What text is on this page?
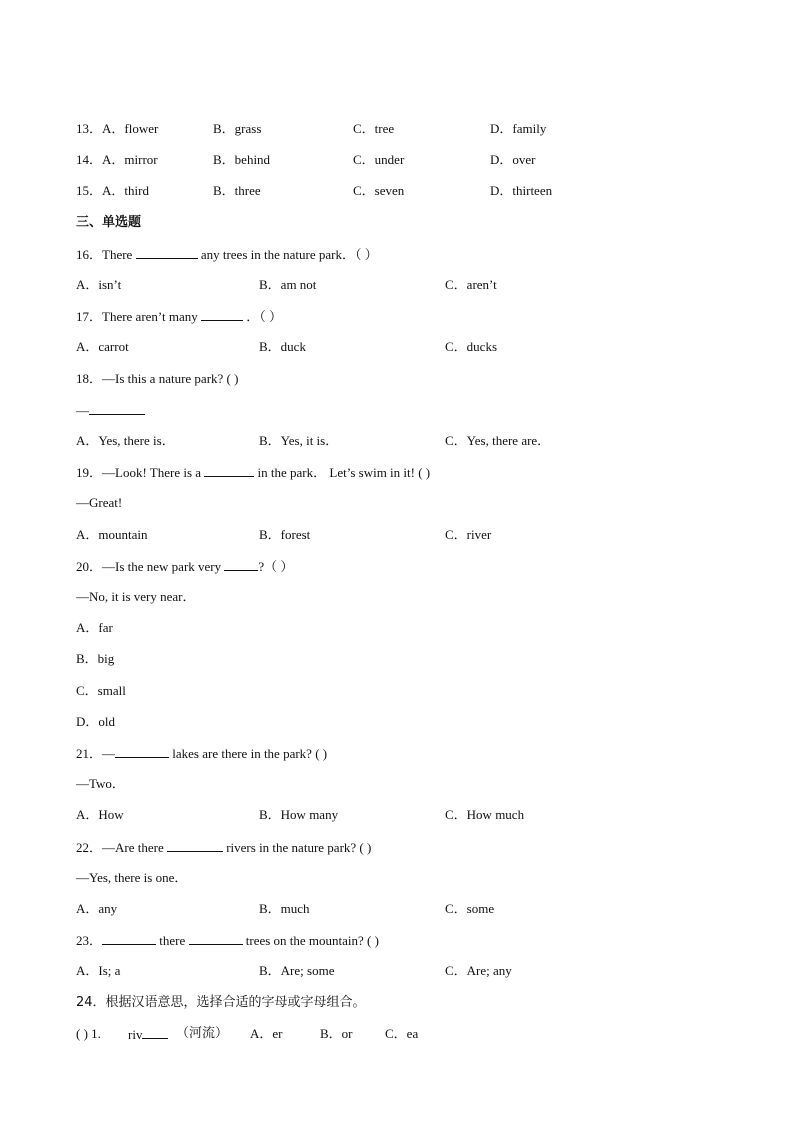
13．A．flower	B．grass	C．tree	D．family
14．A．mirror	B．behind	C．under	D．over
15．A．third	B．three	C．seven	D．thirteen
三、单选题
16．There	any trees in the nature park．（ ）
A．isn’t	B．am not	C．aren’t
17．There aren’t many	．（ ）
A．carrot	B．duck	C．ducks
18．—Is this a nature park? ( )
—
A．Yes, there is．	B．Yes, it is．	C．Yes, there are．
19．—Look! There is a	in the park． Let’s swim in it! ( )
—Great!
A．mountain	B．forest	C．river
20．—Is the new park very	?（ ）
—No, it is very near．
A．far
B．big
C．small
D．old
21．—	lakes are there in the park? ( )
—Two．
A．How	B．How many	C．How much
22．—Are there	rivers in the nature park? ( )
—Yes, there is one．
A．any	B．much	C．some
23．	there	trees on the mountain? ( )
A．Is; a	B．Are; some	C．Are; any
24．根据汉语意思，选择合适的字母或字母组合。
( ) 1. riv	（河流） A．er	B．or C．ea
